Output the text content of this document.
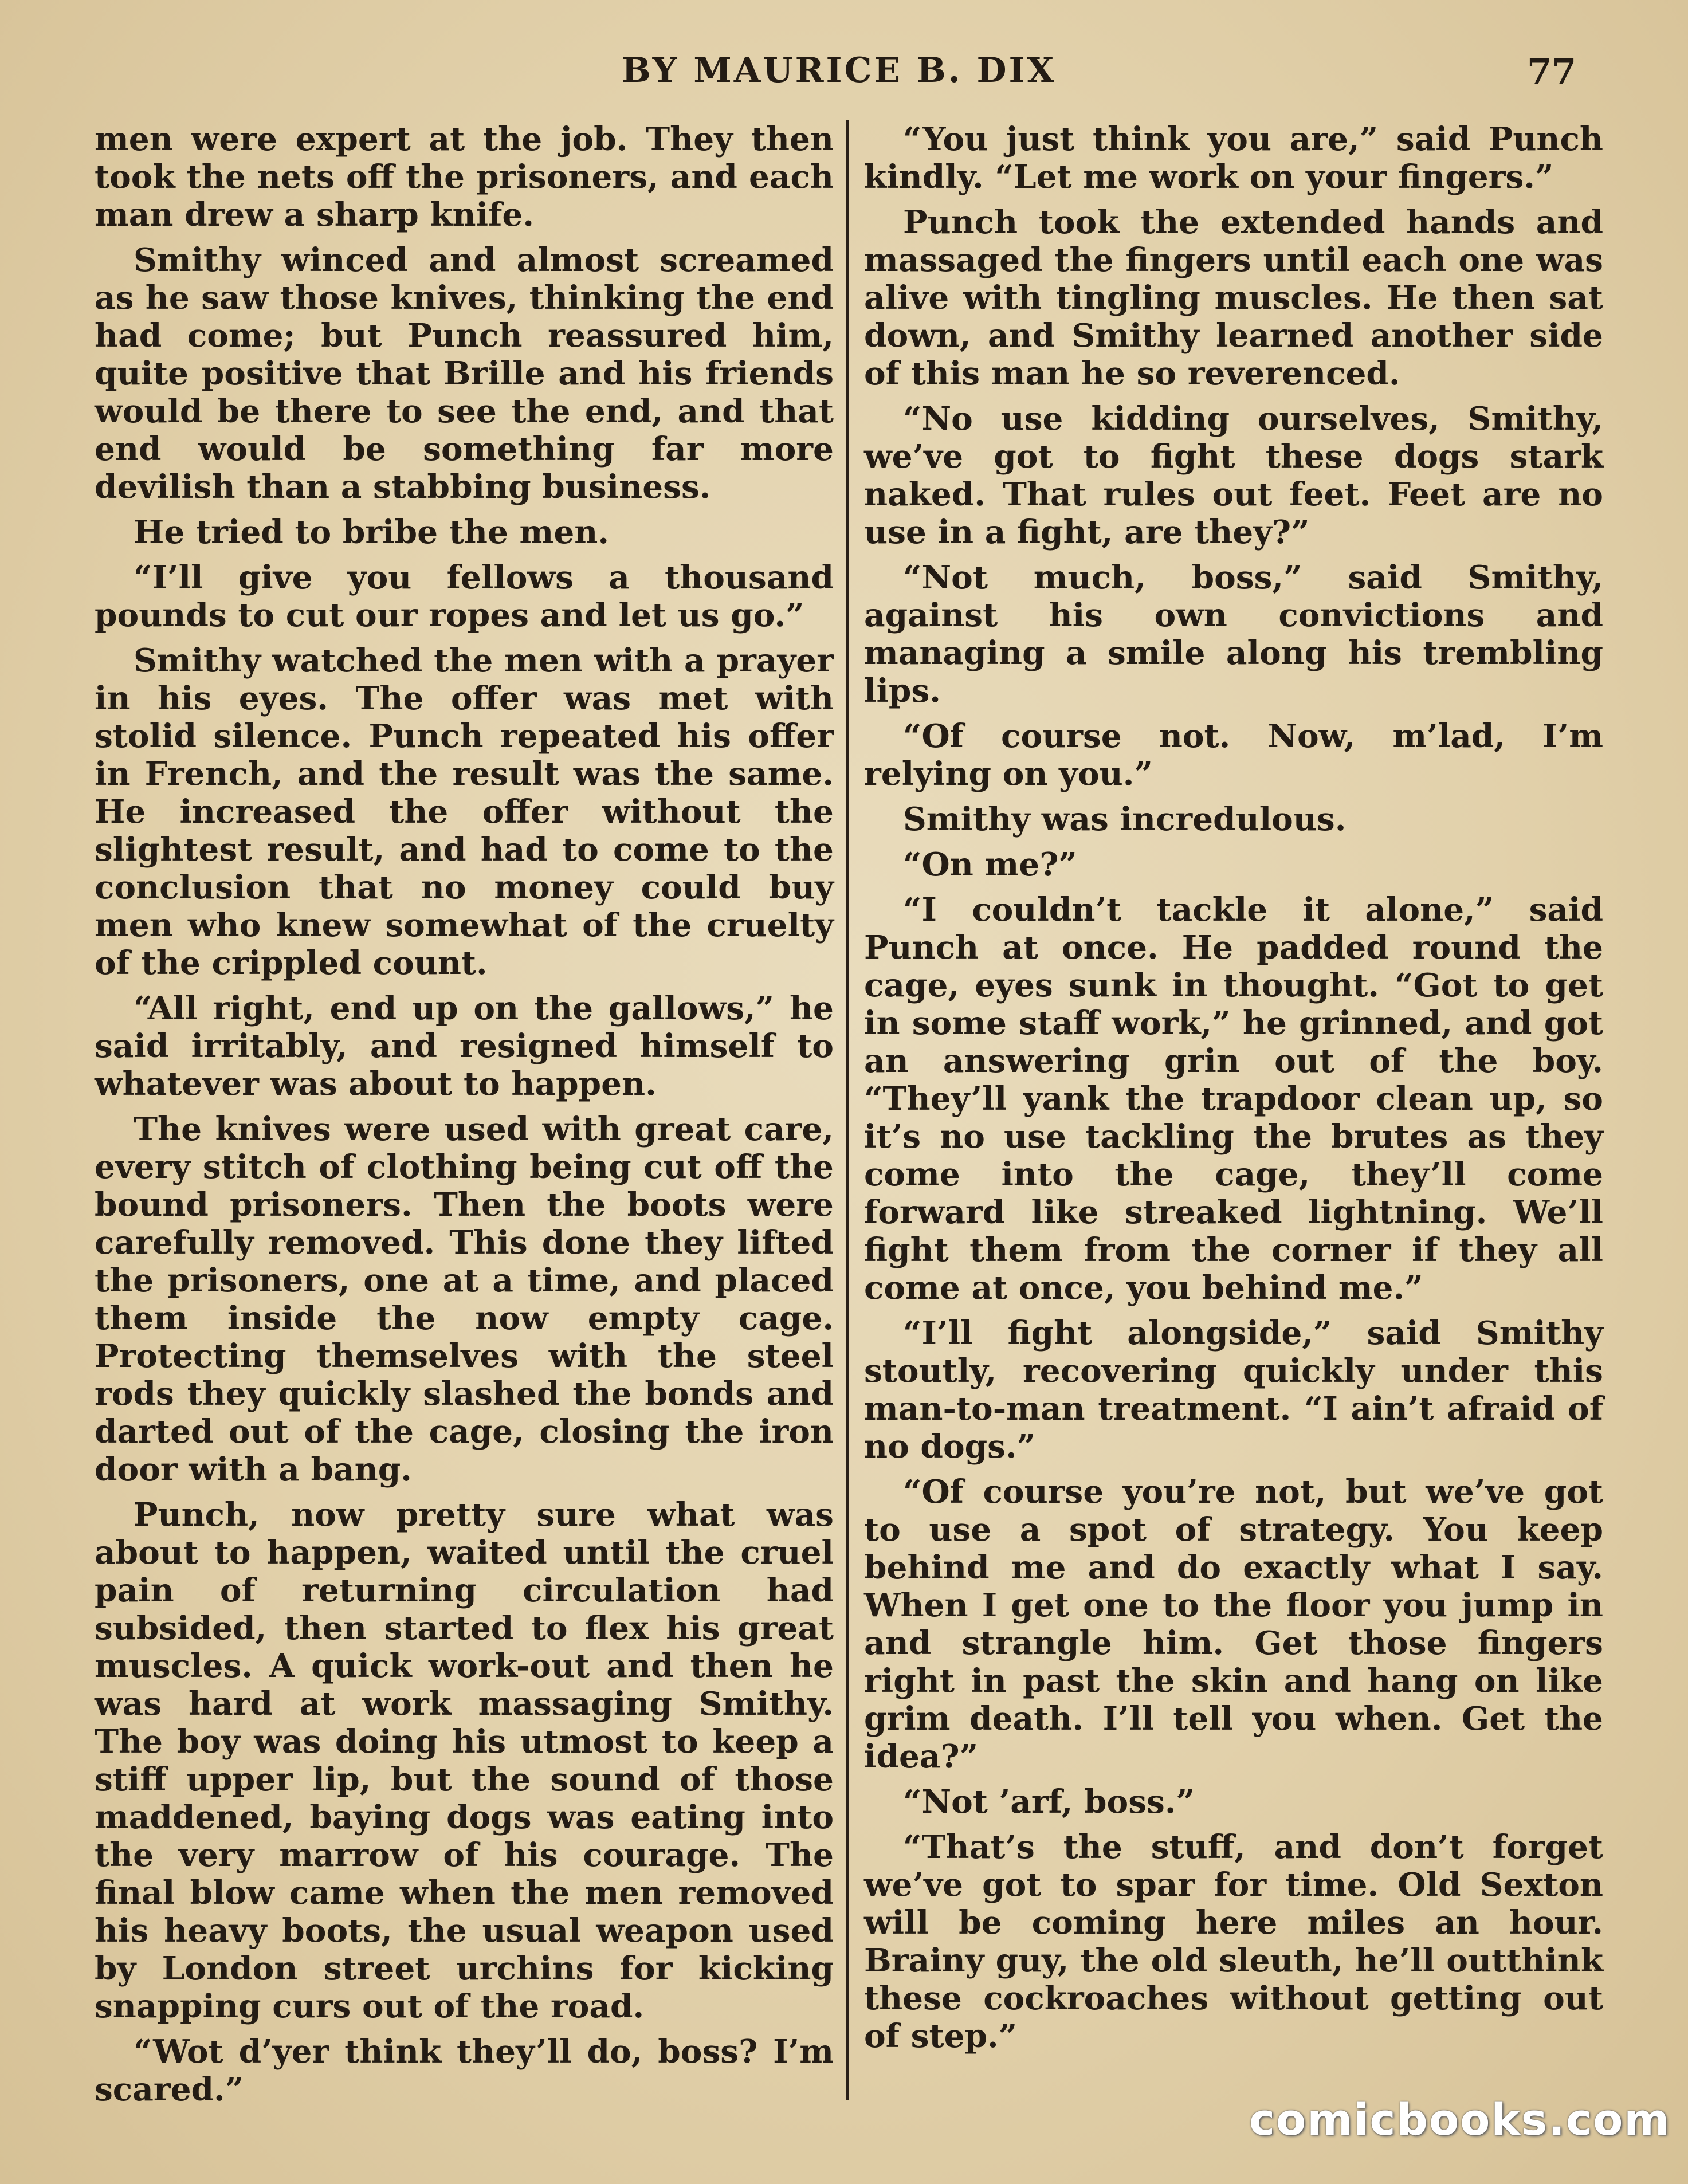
BY MAURICE B. DIX	77

men were expert at the job. They then took the nets off the prisoners, and each man drew a sharp knife.

Smithy winced and almost screamed as he saw those knives, thinking the end had come; but Punch reassured him, quite positive that Brille and his friends would be there to see the end, and that end would be something far more devilish than a stabbing business.

He tried to bribe the men.

“I’ll give you fellows a thousand pounds to cut our ropes and let us go.”

Smithy watched the men with a prayer in his eyes. The offer was met with stolid silence. Punch repeated his offer in French, and the result was the same. He increased the offer without the slightest result, and had to come to the conclusion that no money could buy men who knew somewhat of the cruelty of the crippled count.

“All right, end up on the gallows,” he said irritably, and resigned himself to whatever was about to happen.

The knives were used with great care, every stitch of clothing being cut off the bound prisoners. Then the boots were carefully removed. This done they lifted the prisoners, one at a time, and placed them inside the now empty cage. Protecting themselves with the steel rods they quickly slashed the bonds and darted out of the cage, closing the iron door with a bang.

Punch, now pretty sure what was about to happen, waited until the cruel pain of returning circulation had subsided, then started to flex his great muscles. A quick work-out and then he was hard at work massaging Smithy. The boy was doing his utmost to keep a stiff upper lip, but the sound of those maddened, baying dogs was eating into the very marrow of his courage. The final blow came when the men removed his heavy boots, the usual weapon used by London street urchins for kicking snapping curs out of the road.

“Wot d’yer think they’ll do, boss? I’m scared.”

“You just think you are,” said Punch kindly. “Let me work on your fingers.”

Punch took the extended hands and massaged the fingers until each one was alive with tingling muscles. He then sat down, and Smithy learned another side of this man he so reverenced.

“No use kidding ourselves, Smithy, we’ve got to fight these dogs stark naked. That rules out feet. Feet are no use in a fight, are they?”

“Not much, boss,” said Smithy, against his own convictions and managing a smile along his trembling lips.

“Of course not. Now, m’lad, I’m relying on you.”

Smithy was incredulous.

“On me?”

“I couldn’t tackle it alone,” said Punch at once. He padded round the cage, eyes sunk in thought. “Got to get in some staff work,” he grinned, and got an answering grin out of the boy. “They’ll yank the trapdoor clean up, so it’s no use tackling the brutes as they come into the cage, they’ll come forward like streaked lightning. We’ll fight them from the corner if they all come at once, you behind me.”

“I’ll fight alongside,” said Smithy stoutly, recovering quickly under this man-to-man treatment. “I ain’t afraid of no dogs.”

“Of course you’re not, but we’ve got to use a spot of strategy. You keep behind me and do exactly what I say. When I get one to the floor you jump in and strangle him. Get those fingers right in past the skin and hang on like grim death. I’ll tell you when. Get the idea?”

“Not ’arf, boss.”

“That’s the stuff, and don’t forget we’ve got to spar for time. Old Sexton will be coming here miles an hour. Brainy guy, the old sleuth, he’ll outthink these cockroaches without getting out of step.”

comicbooks.com
